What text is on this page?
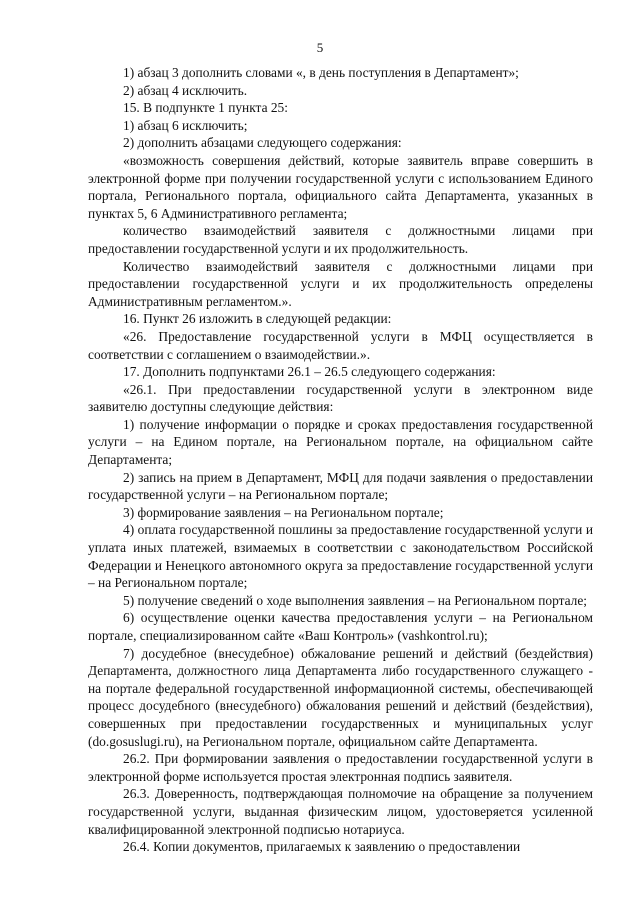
5

1) абзац 3 дополнить словами «, в день поступления в Департамент»;

2) абзац 4 исключить.

15. В подпункте 1 пункта 25:

1) абзац 6 исключить;

2) дополнить абзацами следующего содержания:

«возможность совершения действий, которые заявитель вправе совершить в электронной форме при получении государственной услуги с использованием Единого портала, Регионального портала, официального сайта Департамента, указанных в пунктах 5, 6 Административного регламента;

количество взаимодействий заявителя с должностными лицами при предоставлении государственной услуги и их продолжительность.

Количество взаимодействий заявителя с должностными лицами при предоставлении государственной услуги и их продолжительность определены Административным регламентом.».

16. Пункт 26 изложить в следующей редакции:

«26. Предоставление государственной услуги в МФЦ осуществляется в соответствии с соглашением о взаимодействии.».

17. Дополнить подпунктами 26.1 – 26.5 следующего содержания:

«26.1. При предоставлении государственной услуги в электронном виде заявителю доступны следующие действия:

1) получение информации о порядке и сроках предоставления государственной услуги – на Едином портале, на Региональном портале, на официальном сайте Департамента;

2) запись на прием в Департамент, МФЦ для подачи заявления о предоставлении государственной услуги – на Региональном портале;

3) формирование заявления – на Региональном портале;

4) оплата государственной пошлины за предоставление государственной услуги и уплата иных платежей, взимаемых в соответствии с законодательством Российской Федерации и Ненецкого автономного округа за предоставление государственной услуги – на Региональном портале;

5) получение сведений о ходе выполнения заявления – на Региональном портале;

6) осуществление оценки качества предоставления услуги – на Региональном портале, специализированном сайте «Ваш Контроль» (vashkontrol.ru);

7) досудебное (внесудебное) обжалование решений и действий (бездействия) Департамента, должностного лица Департамента либо государственного служащего - на портале федеральной государственной информационной системы, обеспечивающей процесс досудебного (внесудебного) обжалования решений и действий (бездействия), совершенных при предоставлении государственных и муниципальных услуг (do.gosuslugi.ru), на Региональном портале, официальном сайте Департамента.

26.2. При формировании заявления о предоставлении государственной услуги в электронной форме используется простая электронная подпись заявителя.

26.3. Доверенность, подтверждающая полномочие на обращение за получением государственной услуги, выданная физическим лицом, удостоверяется усиленной квалифицированной электронной подписью нотариуса.

26.4. Копии документов, прилагаемых к заявлению о предоставлении
